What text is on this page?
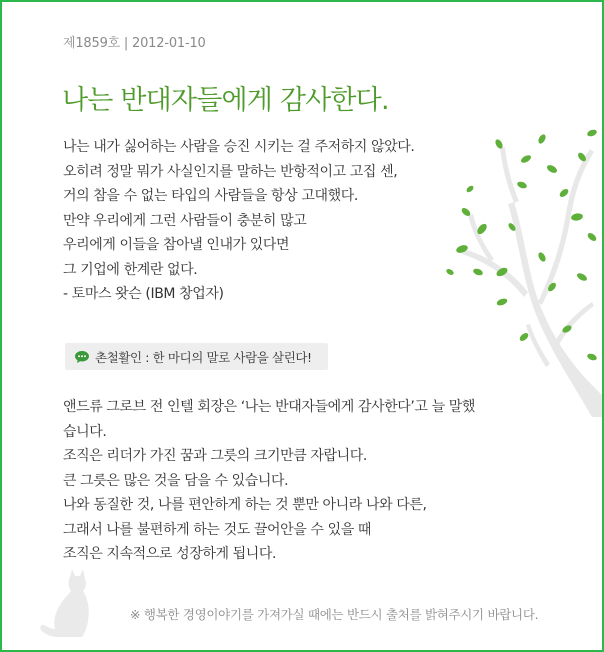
제1859호 | 2012-01-10
나는 반대자들에게 감사한다.
나는 내가 싫어하는 사람을 승진 시키는 걸 주저하지 않았다.
오히려 정말 뭐가 사실인지를 말하는 반항적이고 고집 센,
거의 참을 수 없는 타입의 사람들을 항상 고대했다.
만약 우리에게 그런 사람들이 충분히 많고
우리에게 이들을 참아낼 인내가 있다면
그 기업에 한계란 없다.
- 토마스 왓슨 (IBM 창업자)
촌철활인 : 한 마디의 말로 사람을 살린다!
앤드류 그로브 전 인텔 회장은 ‘나는 반대자들에게 감사한다’고 늘 말했
습니다.
조직은 리더가 가진 꿈과 그릇의 크기만큼 자랍니다.
큰 그릇은 많은 것을 담을 수 있습니다.
나와 동질한 것, 나를 편안하게 하는 것 뿐만 아니라 나와 다른,
그래서 나를 불편하게 하는 것도 끌어안을 수 있을 때
조직은 지속적으로 성장하게 됩니다.
※ 행복한 경영이야기를 가져가실 때에는 반드시 출처를 밝혀주시기 바랍니다.
